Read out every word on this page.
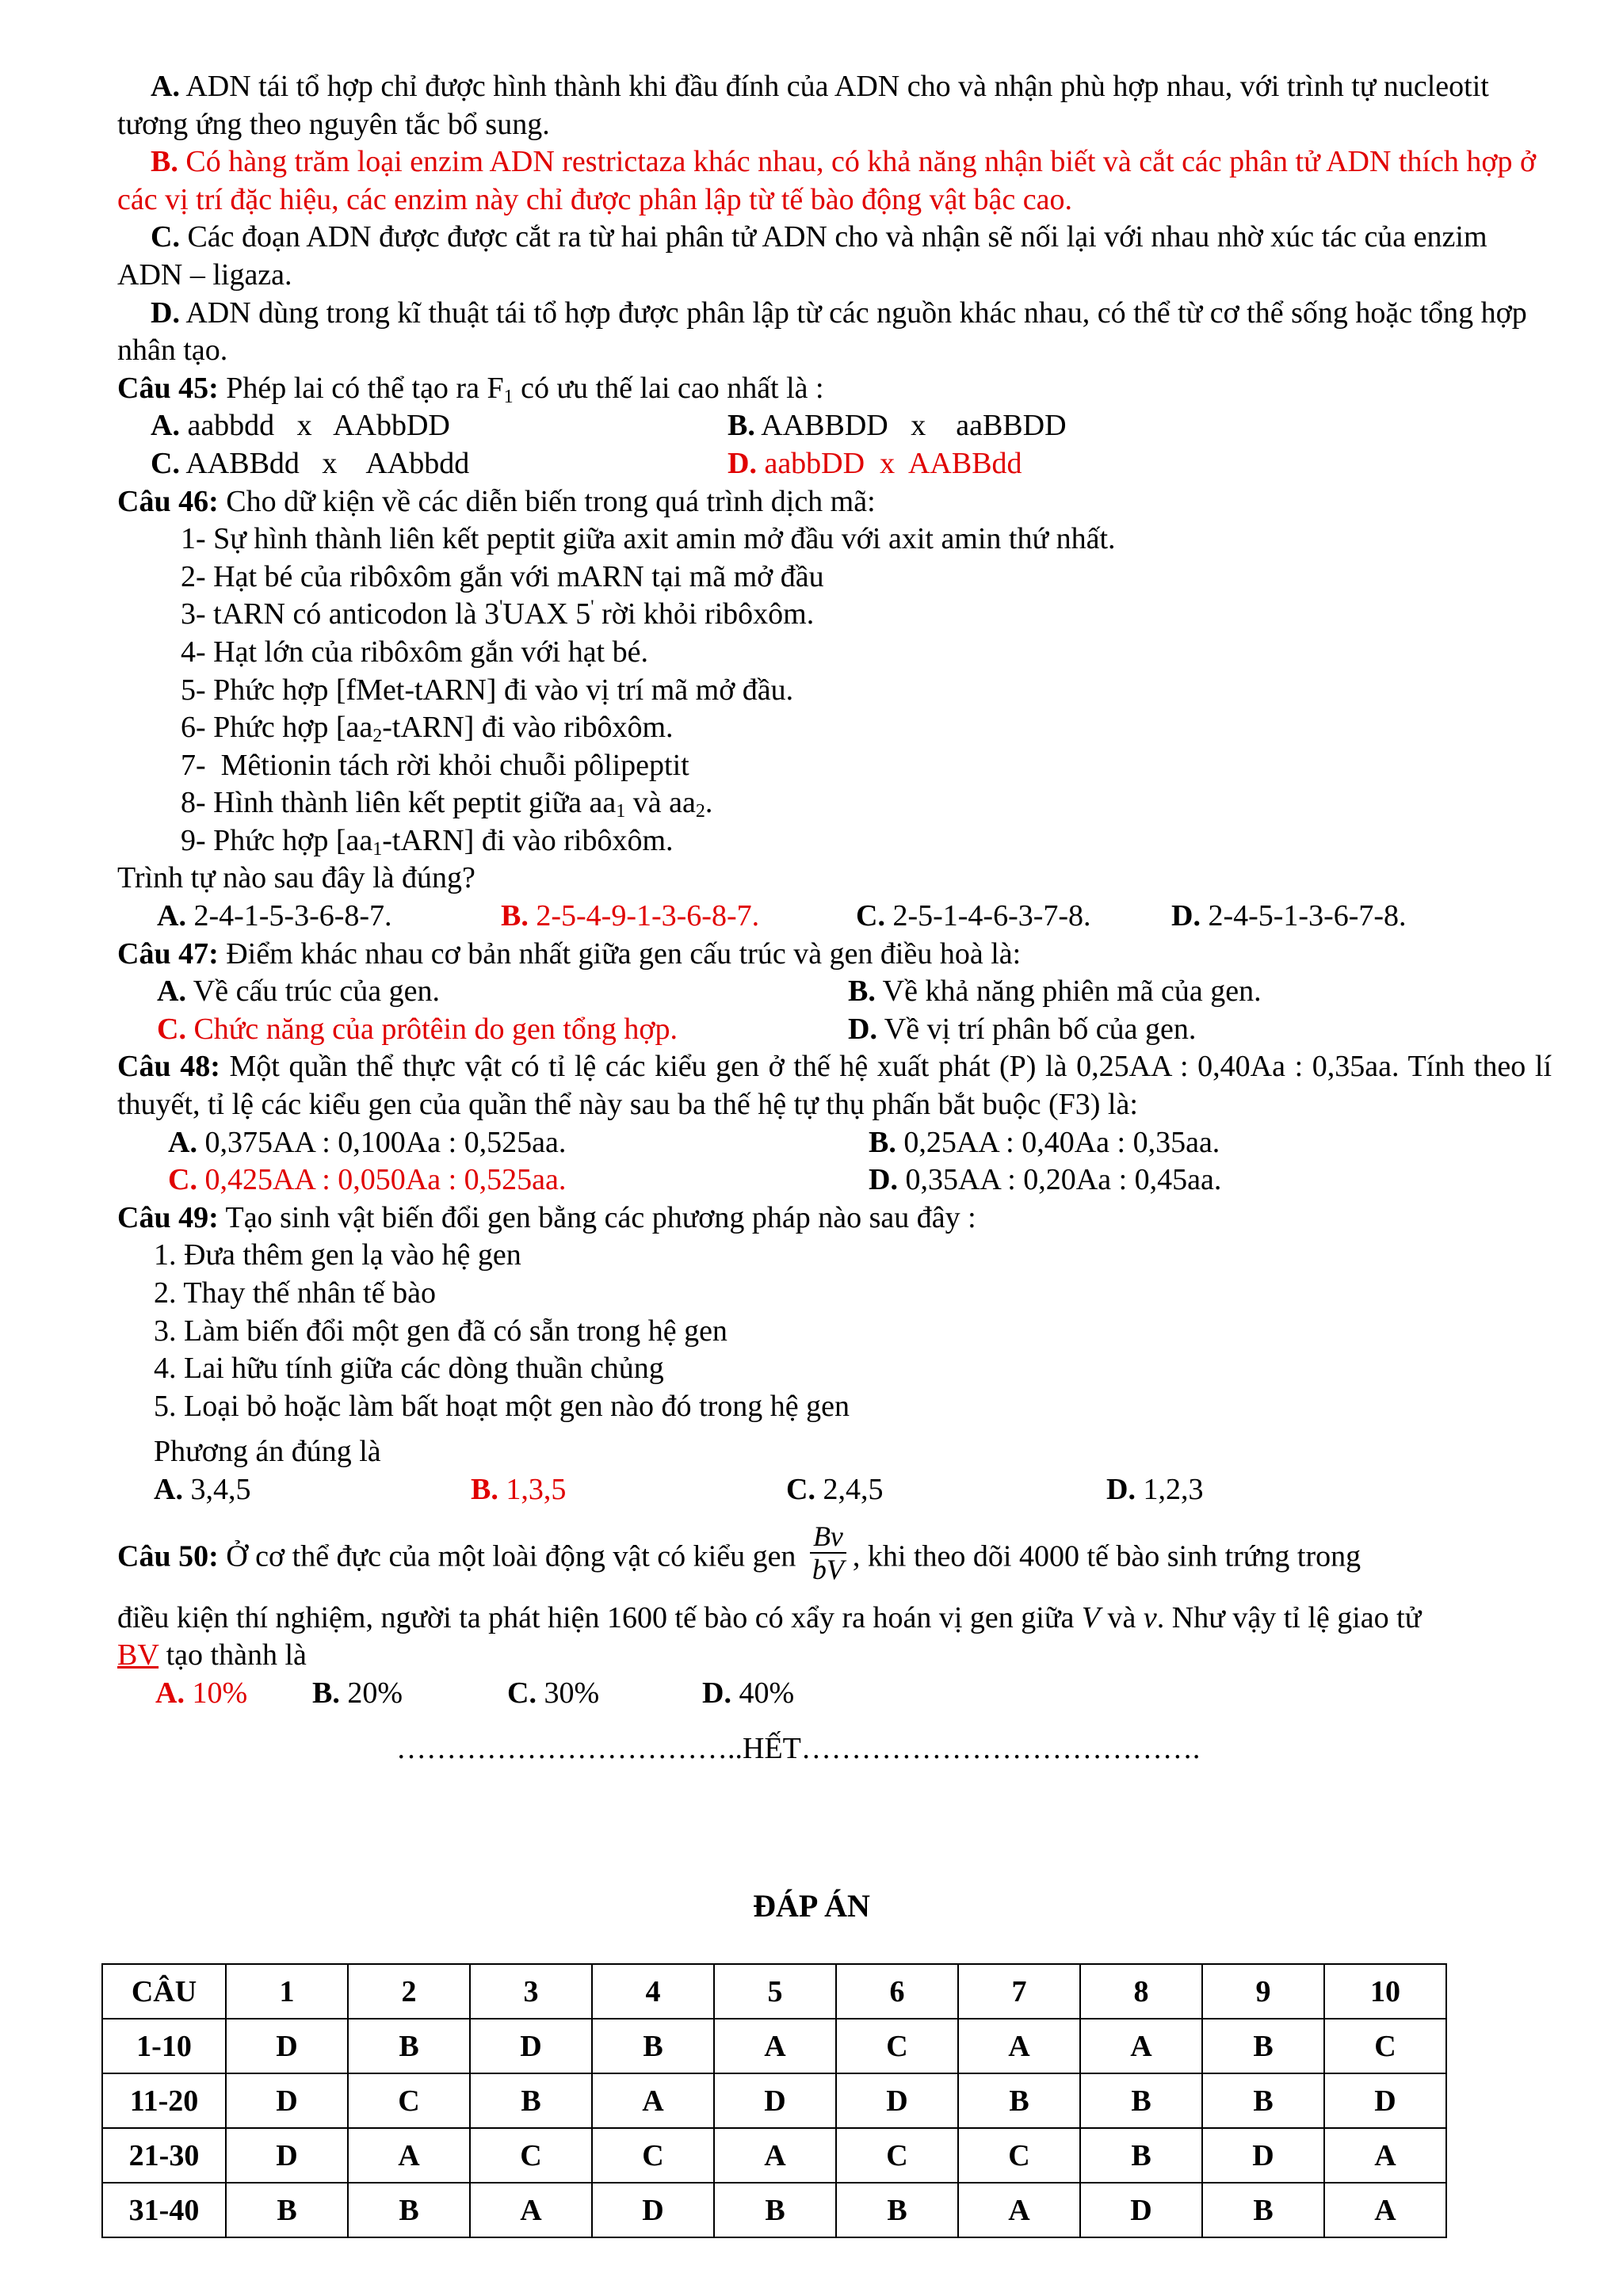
A. ADN tái tổ hợp chỉ được hình thành khi đầu đính của ADN cho và nhận phù hợp nhau, với trình tự nucleotit tương ứng theo nguyên tắc bổ sung.

B. Có hàng trăm loại enzim ADN restrictaza khác nhau, có khả năng nhận biết và cắt các phân tử ADN thích hợp ở các vị trí đặc hiệu, các enzim này chỉ được phân lập từ tế bào động vật bậc cao.

C. Các đoạn ADN được được cắt ra từ hai phân tử ADN cho và nhận sẽ nối lại với nhau nhờ xúc tác của enzim ADN – ligaza.

D. ADN dùng trong kĩ thuật tái tổ hợp được phân lập từ các nguồn khác nhau, có thể từ cơ thể sống hoặc tổng hợp nhân tạo.

Câu 45: Phép lai có thể tạo ra $F_1$ có ưu thế lai cao nhất là :

A. aabbdd   x   AAbbDD	B. AABBDD   x    aaBBDD
C. AABBdd   x    AAbbdd	D. aabbDD  x  AABBdd

Câu 46: Cho dữ kiện về các diễn biến trong quá trình dịch mã:

1- Sự hình thành liên kết peptit giữa axit amin mở đầu với axit amin thứ nhất.
2- Hạt bé của ribôxôm gắn với mARN tại mã mở đầu
3- tARN có anticodon là 3'UAX 5' rời khỏi ribôxôm.
4- Hạt lớn của ribôxôm gắn với hạt bé.
5- Phức hợp [fMet-tARN] đi vào vị trí mã mở đầu.
6- Phức hợp $[aa_2-tARN]$ đi vào ribôxôm.
7-  Mêtionin tách rời khỏi chuỗi pôlipeptit
8- Hình thành liên kết peptit giữa $aa_1$ và $aa_2$.
9- Phức hợp $[aa_1-tARN]$ đi vào ribôxôm.

Trình tự nào sau đây là đúng?

A. 2-4-1-5-3-6-8-7.	B. 2-5-4-9-1-3-6-8-7.	C. 2-5-1-4-6-3-7-8.	D. 2-4-5-1-3-6-7-8.

Câu 47: Điểm khác nhau cơ bản nhất giữa gen cấu trúc và gen điều hoà là:

A. Về cấu trúc của gen.	B. Về khả năng phiên mã của gen.
C. Chức năng của prôtêin do gen tổng hợp.	D. Về vị trí phân bố của gen.

Câu 48: Một quần thể thực vật có tỉ lệ các kiểu gen ở thế hệ xuất phát (P) là 0,25AA : 0,40Aa : 0,35aa. Tính theo lí thuyết, tỉ lệ các kiểu gen của quần thể này sau ba thế hệ tự thụ phấn bắt buộc (F3) là:

A. 0,375AA : 0,100Aa : 0,525aa.	B. 0,25AA : 0,40Aa : 0,35aa.
C. 0,425AA : 0,050Aa : 0,525aa.	D. 0,35AA : 0,20Aa : 0,45aa.

Câu 49: Tạo sinh vật biến đổi gen bằng các phương pháp nào sau đây :

1. Đưa thêm gen lạ vào hệ gen
2. Thay thế nhân tế bào
3. Làm biến đổi một gen đã có sẵn trong hệ gen
4. Lai hữu tính giữa các dòng thuần chủng
5. Loại bỏ hoặc làm bất hoạt một gen nào đó trong hệ gen
Phương án đúng là
A. 3,4,5	B. 1,3,5	C. 2,4,5	D. 1,2,3
Câu 50: Ở cơ thể đực của một loài động vật có kiểu gen $\frac{Bv}{bV}$ , khi theo dõi 4000 tế bào sinh trứng trong
điều kiện thí nghiệm, người ta phát hiện 1600 tế bào có xẩy ra hoán vị gen giữa V và v. Như vậy tỉ lệ giao tử
BV tạo thành là
A. 10%	B. 20%	C. 30%	D. 40%
……………………………..HẾT………………………………….
ĐÁP ÁN
CÂU	1	2	3	4	5	6	7	8	9	10
1-10	D	B	D	B	A	C	A	A	B	C
11-20	D	C	B	A	D	D	B	B	B	D
21-30	D	A	C	C	A	C	C	B	D	A
31-40	B	B	A	D	B	B	A	D	B	A
